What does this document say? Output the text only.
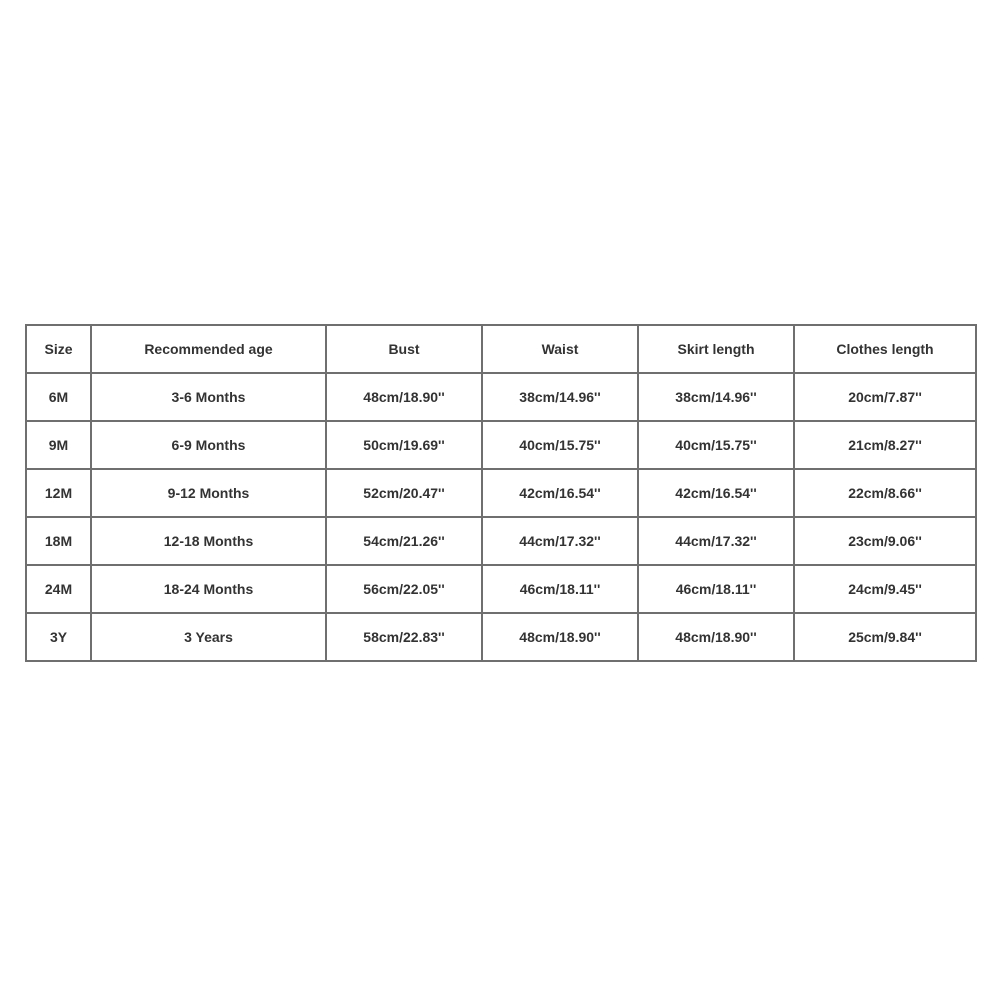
Size	Recommended age	Bust	Waist	Skirt length	Clothes length
6M	3-6 Months	48cm/18.90''	38cm/14.96''	38cm/14.96''	20cm/7.87''
9M	6-9 Months	50cm/19.69''	40cm/15.75''	40cm/15.75''	21cm/8.27''
12M	9-12 Months	52cm/20.47''	42cm/16.54''	42cm/16.54''	22cm/8.66''
18M	12-18 Months	54cm/21.26''	44cm/17.32''	44cm/17.32''	23cm/9.06''
24M	18-24 Months	56cm/22.05''	46cm/18.11''	46cm/18.11''	24cm/9.45''
3Y	3 Years	58cm/22.83''	48cm/18.90''	48cm/18.90''	25cm/9.84''
